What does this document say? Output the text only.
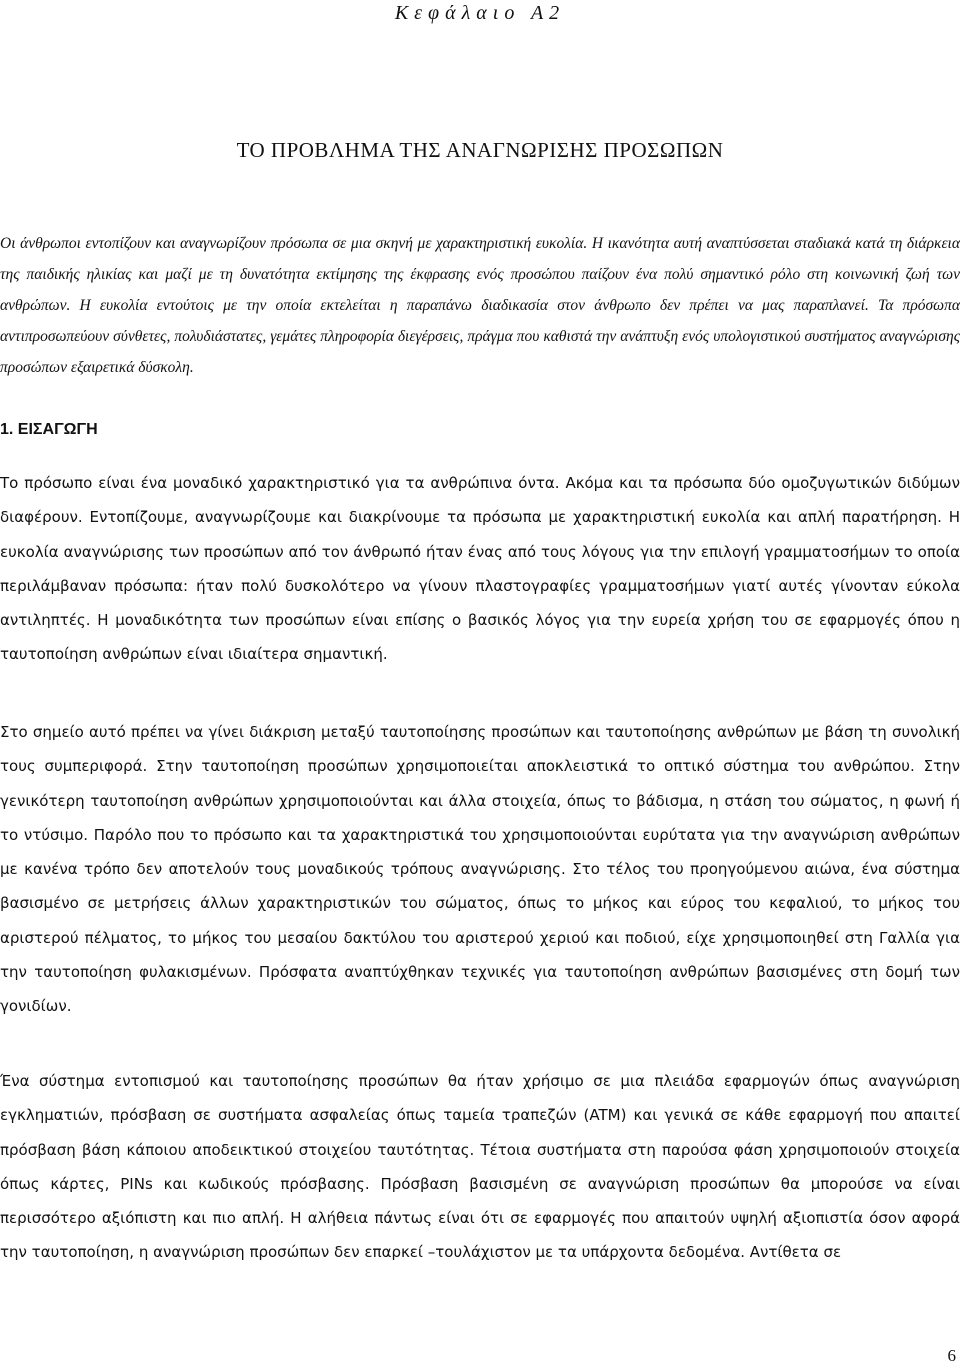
Κεφάλαιο Α2

ΤΟ ΠΡΟΒΛΗΜΑ ΤΗΣ ΑΝΑΓΝΩΡΙΣΗΣ ΠΡΟΣΩΠΩΝ

Οι άνθρωποι εντοπίζουν και αναγνωρίζουν πρόσωπα σε μια σκηνή με χαρακτηριστική ευκολία. Η ικανότητα αυτή αναπτύσσεται σταδιακά κατά τη διάρκεια της παιδικής ηλικίας και μαζί με τη δυνατότητα εκτίμησης της έκφρασης ενός προσώπου παίζουν ένα πολύ σημαντικό ρόλο στη κοινωνική ζωή των ανθρώπων. Η ευκολία εντούτοις με την οποία εκτελείται η παραπάνω διαδικασία στον άνθρωπο δεν πρέπει να μας παραπλανεί. Τα πρόσωπα αντιπροσωπεύουν σύνθετες, πολυδιάστατες, γεμάτες πληροφορία διεγέρσεις, πράγμα που καθιστά την ανάπτυξη ενός υπολογιστικού συστήματος αναγνώρισης προσώπων εξαιρετικά δύσκολη.

1. ΕΙΣΑΓΩΓΗ

Το πρόσωπο είναι ένα μοναδικό χαρακτηριστικό για τα ανθρώπινα όντα. Ακόμα και τα πρόσωπα δύο ομοζυγωτικών διδύμων διαφέρουν. Εντοπίζουμε, αναγνωρίζουμε και διακρίνουμε τα πρόσωπα με χαρακτηριστική ευκολία και απλή παρατήρηση. Η ευκολία αναγνώρισης των προσώπων από τον άνθρωπό ήταν ένας από τους λόγους για την επιλογή γραμματοσήμων το οποία περιλάμβαναν πρόσωπα: ήταν πολύ δυσκολότερο να γίνουν πλαστογραφίες γραμματοσήμων γιατί αυτές γίνονταν εύκολα αντιληπτές. Η μοναδικότητα των προσώπων είναι επίσης ο βασικός λόγος για την ευρεία χρήση του σε εφαρμογές όπου η ταυτοποίηση ανθρώπων είναι ιδιαίτερα σημαντική.

Στο σημείο αυτό πρέπει να γίνει διάκριση μεταξύ ταυτοποίησης προσώπων και ταυτοποίησης ανθρώπων με βάση τη συνολική τους συμπεριφορά. Στην ταυτοποίηση προσώπων χρησιμοποιείται αποκλειστικά το οπτικό σύστημα του ανθρώπου. Στην γενικότερη ταυτοποίηση ανθρώπων χρησιμοποιούνται και άλλα στοιχεία, όπως το βάδισμα, η στάση του σώματος, η φωνή ή το ντύσιμο. Παρόλο που το πρόσωπο και τα χαρακτηριστικά του χρησιμοποιούνται ευρύτατα για την αναγνώριση ανθρώπων με κανένα τρόπο δεν αποτελούν τους μοναδικούς τρόπους αναγνώρισης. Στο τέλος του προηγούμενου αιώνα, ένα σύστημα βασισμένο σε μετρήσεις άλλων χαρακτηριστικών του σώματος, όπως το μήκος και εύρος του κεφαλιού, το μήκος του αριστερού πέλματος, το μήκος του μεσαίου δακτύλου του αριστερού χεριού και ποδιού, είχε χρησιμοποιηθεί στη Γαλλία για την ταυτοποίηση φυλακισμένων. Πρόσφατα αναπτύχθηκαν τεχνικές για ταυτοποίηση ανθρώπων βασισμένες στη δομή των γονιδίων.

Ένα σύστημα εντοπισμού και ταυτοποίησης προσώπων θα ήταν χρήσιμο σε μια πλειάδα εφαρμογών όπως αναγνώριση εγκληματιών, πρόσβαση σε συστήματα ασφαλείας όπως ταμεία τραπεζών (ATM) και γενικά σε κάθε εφαρμογή που απαιτεί πρόσβαση βάση κάποιου αποδεικτικού στοιχείου ταυτότητας. Τέτοια συστήματα στη παρούσα φάση χρησιμοποιούν στοιχεία όπως κάρτες, PINs και κωδικούς πρόσβασης. Πρόσβαση βασισμένη σε αναγνώριση προσώπων θα μπορούσε να είναι περισσότερο αξιόπιστη και πιο απλή. Η αλήθεια πάντως είναι ότι σε εφαρμογές που απαιτούν υψηλή αξιοπιστία όσον αφορά την ταυτοποίηση, η αναγνώριση προσώπων δεν επαρκεί –τουλάχιστον με τα υπάρχοντα δεδομένα. Αντίθετα σε

6
